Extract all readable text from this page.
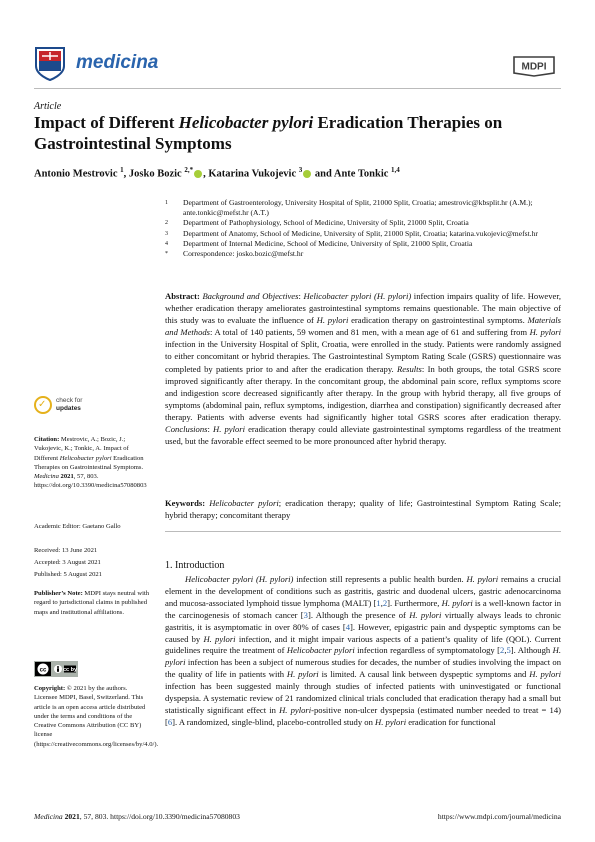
medicina	MDPI
Article
Impact of Different Helicobacter pylori Eradication Therapies on Gastrointestinal Symptoms
Antonio Mestrovic $^1$, Josko Bozic $^{2,*}$ , Katarina Vukojevic $^3$ and Ante Tonkic $^{1,4}$
1 Department of Gastroenterology, University Hospital of Split, 21000 Split, Croatia; amestrovic@kbsplit.hr (A.M.); ante.tonkic@mefst.hr (A.T.)
2 Department of Pathophysiology, School of Medicine, University of Split, 21000 Split, Croatia
3 Department of Anatomy, School of Medicine, University of Split, 21000 Split, Croatia; katarina.vukojevic@mefst.hr
4 Department of Internal Medicine, School of Medicine, University of Split, 21000 Split, Croatia
* Correspondence: josko.bozic@mefst.hr
Abstract: Background and Objectives: Helicobacter pylori (H. pylori) infection impairs quality of life. However, whether eradication therapy ameliorates gastrointestinal symptoms remains questionable. The main objective of this study was to evaluate the influence of H. pylori eradication therapy on gastrointestinal symptoms. Materials and Methods: A total of 140 patients, 59 women and 81 men, with a mean age of 61 and suffering from H. pylori infection in the University Hospital of Split, Croatia, were enrolled in the study. Patients were randomly assigned to either concomitant or hybrid therapies. The Gastrointestinal Symptom Rating Scale (GSRS) questionnaire was completed by patients prior to and after the eradication therapy. Results: In both groups, the total GSRS score improved significantly after therapy. In the concomitant group, the abdominal pain score, reflux symptoms score and indigestion score decreased significantly after therapy. In the group with hybrid therapy, all five groups of symptoms (abdominal pain, reflux symptoms, indigestion, diarrhea and constipation) significantly decreased after therapy. Patients with adverse events had significantly higher total GSRS scores after eradication therapy. Conclusions: H. pylori eradication therapy could alleviate gastrointestinal symptoms regardless of the treatment used, but the favorable effect seemed to be more pronounced after hybrid therapy.
Keywords: Helicobacter pylori; eradication therapy; quality of life; Gastrointestinal Symptom Rating Scale; hybrid therapy; concomitant therapy
✓ check for
updates
Citation: Mestrovic, A.; Bozic, J.; Vukojevic, K.; Tonkic, A. Impact of Different Helicobacter pylori Eradication Therapies on Gastrointestinal Symptoms. Medicina 2021, 57, 803. https://doi.org/10.3390/medicina57080803
Academic Editor: Gaetano Gallo
Received: 13 June 2021
Accepted: 3 August 2021
Published: 5 August 2021
Publisher’s Note: MDPI stays neutral with regard to jurisdictional claims in published maps and institutional affiliations.
cc	cc by
Copyright: © 2021 by the authors. Licensee MDPI, Basel, Switzerland. This article is an open access article distributed under the terms and conditions of the Creative Commons Attribution (CC BY) license (https://creativecommons.org/licenses/by/4.0/).
1. Introduction
Helicobacter pylori (H. pylori) infection still represents a public health burden. H. pylori remains a crucial element in the development of conditions such as gastritis, gastric and duodenal ulcers, gastric adenocarcinoma and mucosa-associated lymphoid tissue lymphoma (MALT) [1,2]. Furthermore, H. pylori is a well-known factor in the carcinogenesis of stomach cancer [3]. Although the presence of H. pylori virtually always leads to chronic gastritis, it is asymptomatic in over 80% of cases [4]. However, epigastric pain and dyspeptic symptoms can be caused by H. pylori infection, and it might impair various aspects of a patient’s quality of life (QOL). Current guidelines require the treatment of Helicobacter pylori infection regardless of symptomatology [2,5]. Although H. pylori infection has been a subject of numerous studies for decades, the number of studies involving the impact on the quality of life in patients with H. pylori is limited. A causal link between dyspeptic symptoms and H. pylori infection has been suggested mainly through studies of infected patients with uninvestigated or functional dyspepsia. A systematic review of 21 randomized clinical trials concluded that eradication therapy had a small but statistically significant effect in H. pylori-positive non-ulcer dyspepsia (estimated number needed to treat = 14) [6]. A randomized, single-blind, placebo-controlled study on H. pylori eradication for functional
Medicina 2021, 57, 803. https://doi.org/10.3390/medicina57080803	https://www.mdpi.com/journal/medicina
